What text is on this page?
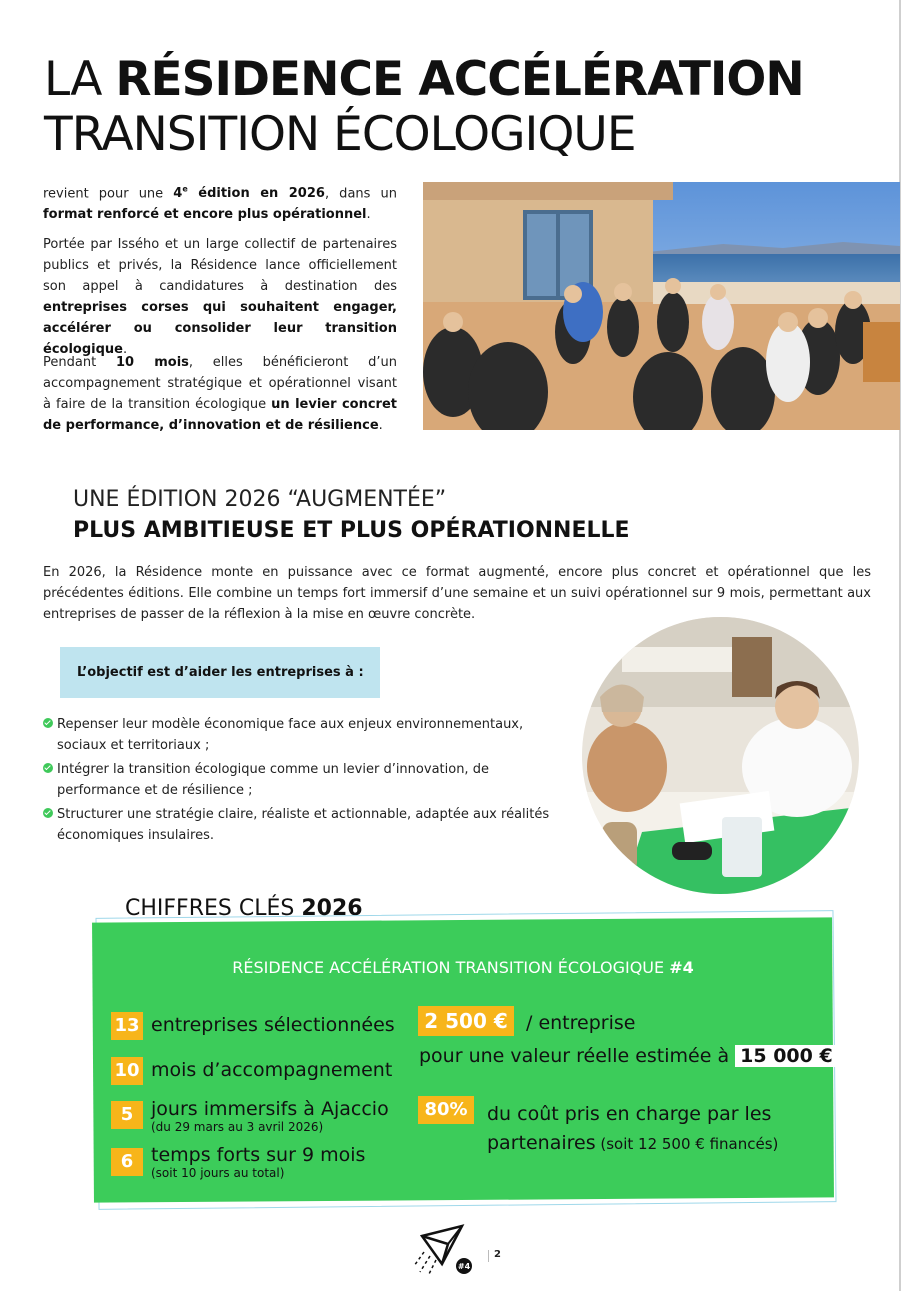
LA RÉSIDENCE ACCÉLÉRATION
TRANSITION ÉCOLOGIQUE

revient pour une 4e édition en 2026, dans un format renforcé et encore plus opérationnel.

Portée par Issého et un large collectif de partenaires publics et privés, la Résidence lance officiellement son appel à candidatures à destination des entreprises corses qui souhaitent engager, accélérer ou consolider leur transition écologique.

Pendant 10 mois, elles bénéficieront d’un accompagnement stratégique et opérationnel visant à faire de la transition écologique un levier concret de performance, d’innovation et de résilience.

UNE ÉDITION 2026 “AUGMENTÉE”
PLUS AMBITIEUSE ET PLUS OPÉRATIONNELLE

En 2026, la Résidence monte en puissance avec ce format augmenté, encore plus concret et opérationnel que les précédentes éditions. Elle combine un temps fort immersif d’une semaine et un suivi opérationnel sur 9 mois, permettant aux entreprises de passer de la réflexion à la mise en œuvre concrète.

L’objectif est d’aider les entreprises à :
Repenser leur modèle économique face aux enjeux environnementaux, sociaux et territoriaux ;
Intégrer la transition écologique comme un levier d’innovation, de performance et de résilience ;
Structurer une stratégie claire, réaliste et actionnable, adaptée aux réalités économiques insulaires.
CHIFFRES CLÉS 2026
RÉSIDENCE ACCÉLÉRATION TRANSITION ÉCOLOGIQUE #4
13 entreprises sélectionnées
10 mois d’accompagnement
5 jours immersifs à Ajaccio
(du 29 mars au 3 avril 2026)
6 temps forts sur 9 mois
(soit 10 jours au total)
2 500 € / entreprise
pour une valeur réelle estimée à 15 000 €
80%	du coût pris en charge par les
partenaires (soit 12 500 € financés)
#4
2
